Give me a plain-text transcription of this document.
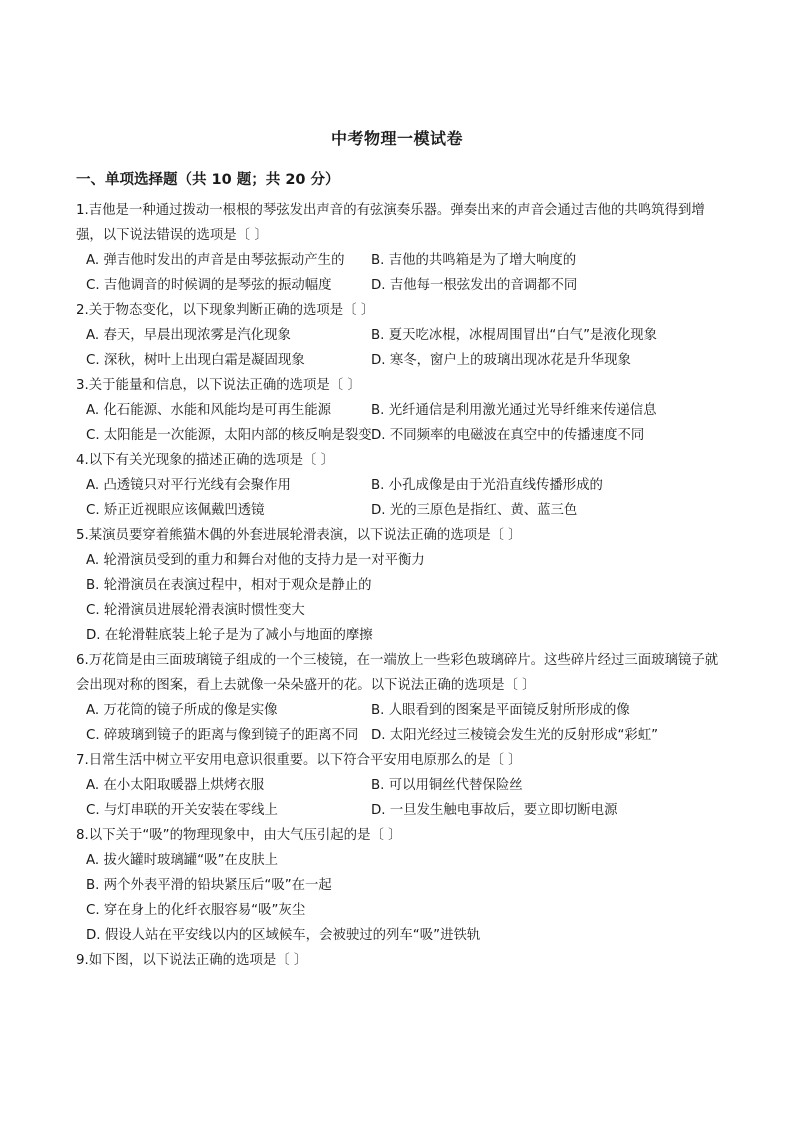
中考物理一模试卷
一、单项选择题（共 10 题；共 20 分）

1.吉他是一种通过拨动一根根的琴弦发出声音的有弦演奏乐器。弹奏出来的声音会通过吉他的共鸣筑得到增强，以下说法错误的选项是〔 〕

A. 弹吉他时发出的声音是由琴弦振动产生的	B. 吉他的共鸣箱是为了增大响度的
C. 吉他调音的时候调的是琴弦的振动幅度	D. 吉他每一根弦发出的音调都不同

2.关于物态变化，以下现象判断正确的选项是〔 〕

A. 春天，早晨出现浓雾是汽化现象	B. 夏天吃冰棍，冰棍周围冒出“白气”是液化现象
C. 深秋，树叶上出现白霜是凝固现象	D. 寒冬，窗户上的玻璃出现冰花是升华现象

3.关于能量和信息，以下说法正确的选项是〔 〕

A. 化石能源、水能和风能均是可再生能源	B. 光纤通信是利用激光通过光导纤维来传递信息
C. 太阳能是一次能源，太阳内部的核反响是裂变 D. 不同频率的电磁波在真空中的传播速度不同

4.以下有关光现象的描述正确的选项是〔 〕

A. 凸透镜只对平行光线有会聚作用	B. 小孔成像是由于光沿直线传播形成的
C. 矫正近视眼应该佩戴凹透镜	D. 光的三原色是指红、黄、蓝三色

5.某演员要穿着熊猫木偶的外套进展轮滑表演，以下说法正确的选项是〔 〕

A. 轮滑演员受到的重力和舞台对他的支持力是一对平衡力
B. 轮滑演员在表演过程中，相对于观众是静止的
C. 轮滑演员进展轮滑表演时惯性变大
D. 在轮滑鞋底装上轮子是为了减小与地面的摩擦

6.万花筒是由三面玻璃镜子组成的一个三棱镜，在一端放上一些彩色玻璃碎片。这些碎片经过三面玻璃镜子就会出现对称的图案，看上去就像一朵朵盛开的花。以下说法正确的选项是〔 〕

A. 万花筒的镜子所成的像是实像	B. 人眼看到的图案是平面镜反射所形成的像
C. 碎玻璃到镜子的距离与像到镜子的距离不同 D. 太阳光经过三棱镜会发生光的反射形成“彩虹”

7.日常生活中树立平安用电意识很重要。以下符合平安用电原那么的是〔 〕

A. 在小太阳取暖器上烘烤衣服	B. 可以用铜丝代替保险丝
C. 与灯串联的开关安装在零线上	D. 一旦发生触电事故后，要立即切断电源

8.以下关于“吸”的物理现象中，由大气压引起的是〔 〕

A. 拔火罐时玻璃罐“吸”在皮肤上
B. 两个外表平滑的铅块紧压后“吸”在一起
C. 穿在身上的化纤衣服容易“吸”灰尘
D. 假设人站在平安线以内的区域候车，会被驶过的列车“吸”进铁轨

9.如下图，以下说法正确的选项是〔 〕
